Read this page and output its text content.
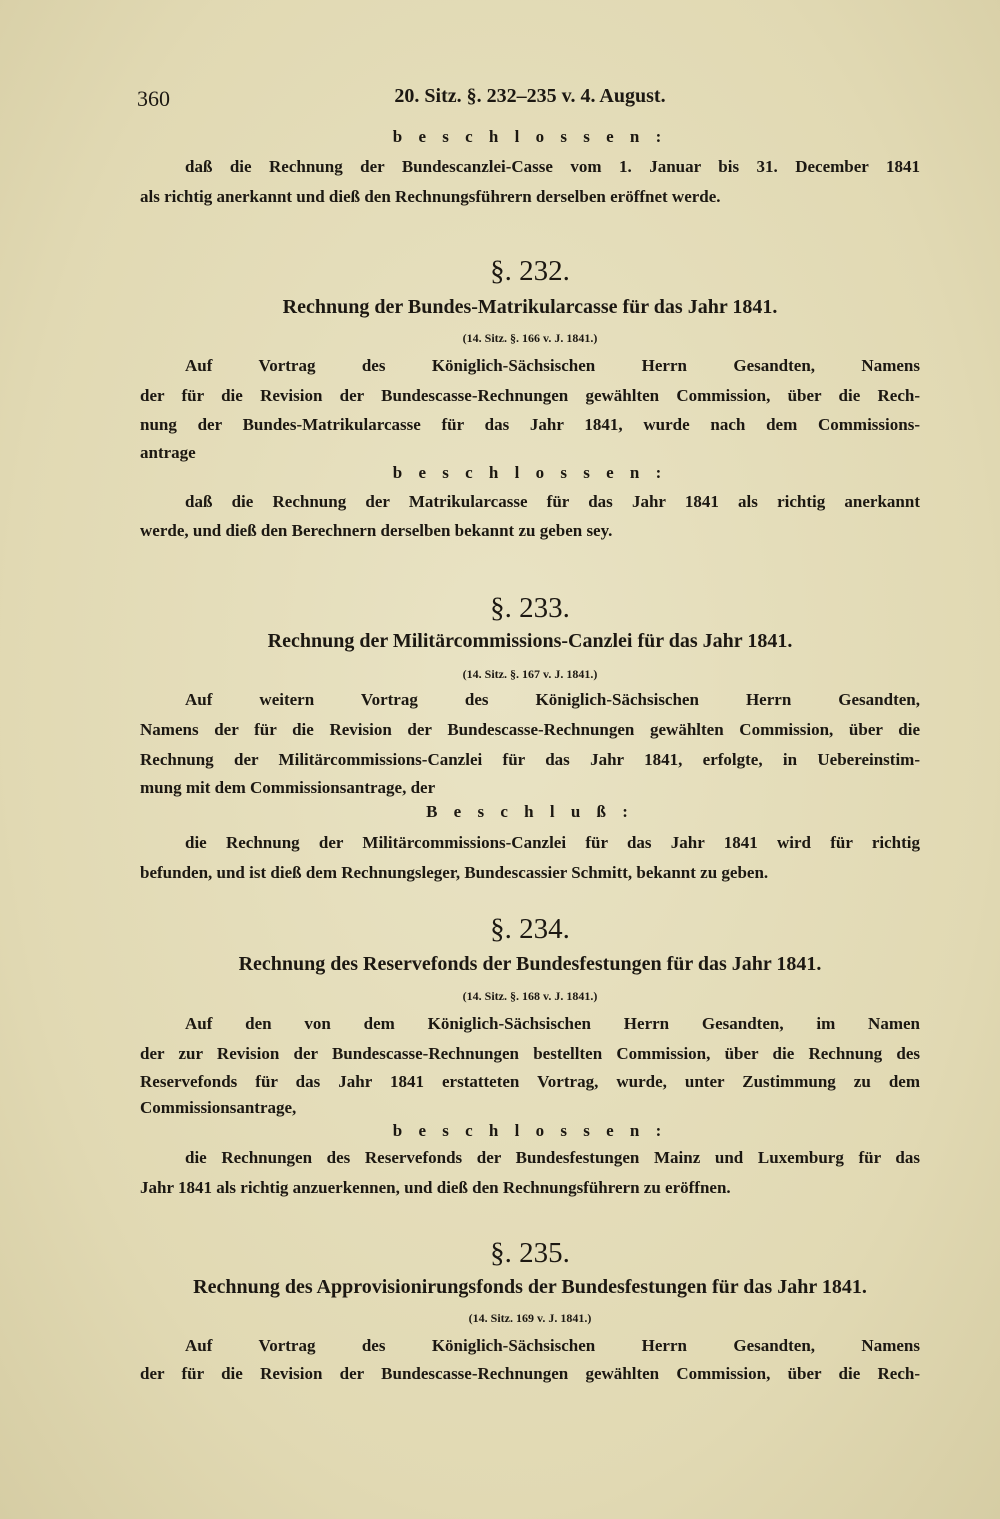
360	20. Sitz. §. 232–235 v. 4. August.
b e s c h l o s s e n :
daß die Rechnung der Bundescanzlei-Casse vom 1. Januar bis 31. December 1841
als richtig anerkannt und dieß den Rechnungsführern derselben eröffnet werde.
§. 232.
Rechnung der Bundes-Matrikularcasse für das Jahr 1841.
(14. Sitz. §. 166 v. J. 1841.)
Auf Vortrag des Königlich-Sächsischen Herrn Gesandten, Namens
der für die Revision der Bundescasse-Rechnungen gewählten Commission, über die Rech-
nung der Bundes-Matrikularcasse für das Jahr 1841, wurde nach dem Commissions-
antrage
b e s c h l o s s e n :
daß die Rechnung der Matrikularcasse für das Jahr 1841 als richtig anerkannt
werde, und dieß den Berechnern derselben bekannt zu geben sey.
§. 233.
Rechnung der Militärcommissions-Canzlei für das Jahr 1841.
(14. Sitz. §. 167 v. J. 1841.)
Auf weitern Vortrag des Königlich-Sächsischen Herrn Gesandten,
Namens der für die Revision der Bundescasse-Rechnungen gewählten Commission, über die
Rechnung der Militärcommissions-Canzlei für das Jahr 1841, erfolgte, in Uebereinstim-
mung mit dem Commissionsantrage, der
B e s c h l u ß :
die Rechnung der Militärcommissions-Canzlei für das Jahr 1841 wird für richtig
befunden, und ist dieß dem Rechnungsleger, Bundescassier Schmitt, bekannt zu geben.
§. 234.
Rechnung des Reservefonds der Bundesfestungen für das Jahr 1841.
(14. Sitz. §. 168 v. J. 1841.)
Auf den von dem Königlich-Sächsischen Herrn Gesandten, im Namen
der zur Revision der Bundescasse-Rechnungen bestellten Commission, über die Rechnung des
Reservefonds für das Jahr 1841 erstatteten Vortrag, wurde, unter Zustimmung zu dem
Commissionsantrage,
b e s c h l o s s e n :
die Rechnungen des Reservefonds der Bundesfestungen Mainz und Luxemburg für das
Jahr 1841 als richtig anzuerkennen, und dieß den Rechnungsführern zu eröffnen.
§. 235.
Rechnung des Approvisionirungsfonds der Bundesfestungen für das Jahr 1841.
(14. Sitz. 169 v. J. 1841.)
Auf Vortrag des Königlich-Sächsischen Herrn Gesandten, Namens
der für die Revision der Bundescasse-Rechnungen gewählten Commission, über die Rech-
